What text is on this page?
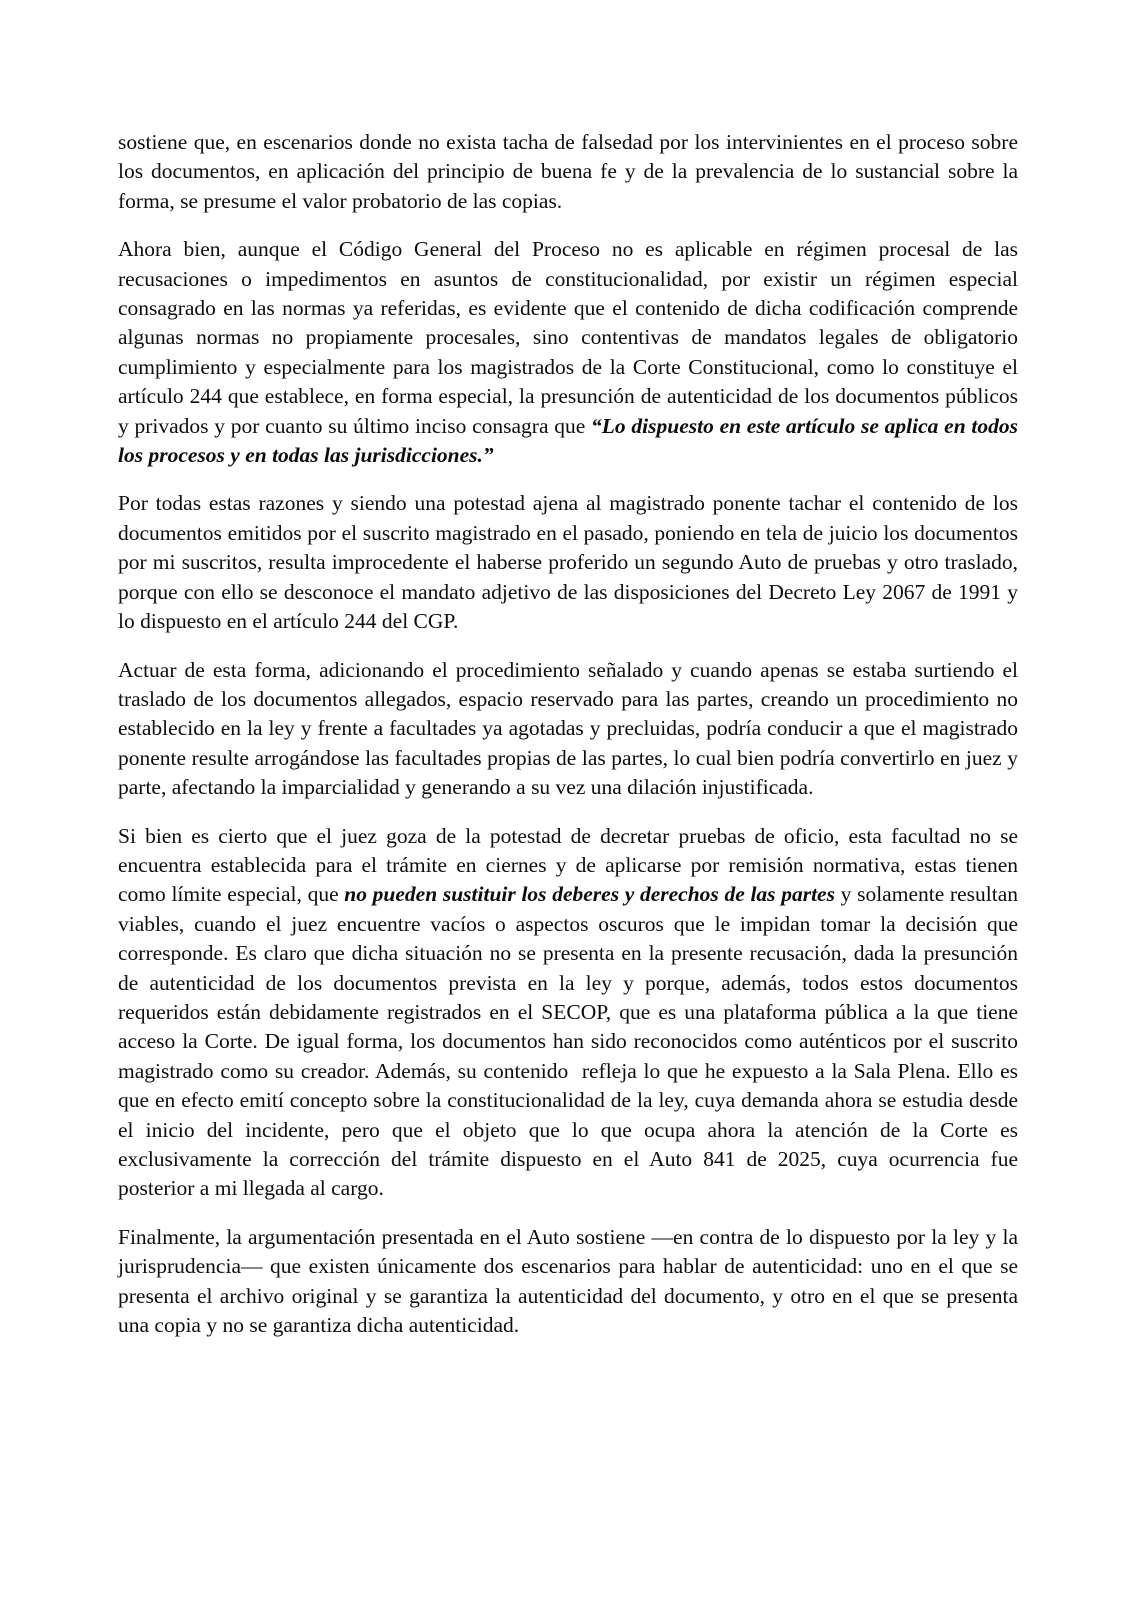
sostiene que, en escenarios donde no exista tacha de falsedad por los intervinientes en el proceso sobre los documentos, en aplicación del principio de buena fe y de la prevalencia de lo sustancial sobre la forma, se presume el valor probatorio de las copias.

Ahora bien, aunque el Código General del Proceso no es aplicable en régimen procesal de las recusaciones o impedimentos en asuntos de constitucionalidad, por existir un régimen especial consagrado en las normas ya referidas, es evidente que el contenido de dicha codificación comprende algunas normas no propiamente procesales, sino contentivas de mandatos legales de obligatorio cumplimiento y especialmente para los magistrados de la Corte Constitucional, como lo constituye el artículo 244 que establece, en forma especial, la presunción de autenticidad de los documentos públicos y privados y por cuanto su último inciso consagra que “Lo dispuesto en este artículo se aplica en todos los procesos y en todas las jurisdicciones.”

Por todas estas razones y siendo una potestad ajena al magistrado ponente tachar el contenido de los documentos emitidos por el suscrito magistrado en el pasado, poniendo en tela de juicio los documentos por mi suscritos, resulta improcedente el haberse proferido un segundo Auto de pruebas y otro traslado, porque con ello se desconoce el mandato adjetivo de las disposiciones del Decreto Ley 2067 de 1991 y lo dispuesto en el artículo 244 del CGP.

Actuar de esta forma, adicionando el procedimiento señalado y cuando apenas se estaba surtiendo el traslado de los documentos allegados, espacio reservado para las partes, creando un procedimiento no establecido en la ley y frente a facultades ya agotadas y precluidas, podría conducir a que el magistrado ponente resulte arrogándose las facultades propias de las partes, lo cual bien podría convertirlo en juez y parte, afectando la imparcialidad y generando a su vez una dilación injustificada.

Si bien es cierto que el juez goza de la potestad de decretar pruebas de oficio, esta facultad no se encuentra establecida para el trámite en ciernes y de aplicarse por remisión normativa, estas tienen como límite especial, que no pueden sustituir los deberes y derechos de las partes y solamente resultan viables, cuando el juez encuentre vacíos o aspectos oscuros que le impidan tomar la decisión que corresponde. Es claro que dicha situación no se presenta en la presente recusación, dada la presunción de autenticidad de los documentos prevista en la ley y porque, además, todos estos documentos requeridos están debidamente registrados en el SECOP, que es una plataforma pública a la que tiene acceso la Corte. De igual forma, los documentos han sido reconocidos como auténticos por el suscrito magistrado como su creador. Además, su contenido  refleja lo que he expuesto a la Sala Plena. Ello es que en efecto emití concepto sobre la constitucionalidad de la ley, cuya demanda ahora se estudia desde el inicio del incidente, pero que el objeto que lo que ocupa ahora la atención de la Corte es exclusivamente la corrección del trámite dispuesto en el Auto 841 de 2025, cuya ocurrencia fue posterior a mi llegada al cargo.

Finalmente, la argumentación presentada en el Auto sostiene —en contra de lo dispuesto por la ley y la jurisprudencia— que existen únicamente dos escenarios para hablar de autenticidad: uno en el que se presenta el archivo original y se garantiza la autenticidad del documento, y otro en el que se presenta una copia y no se garantiza dicha autenticidad.
